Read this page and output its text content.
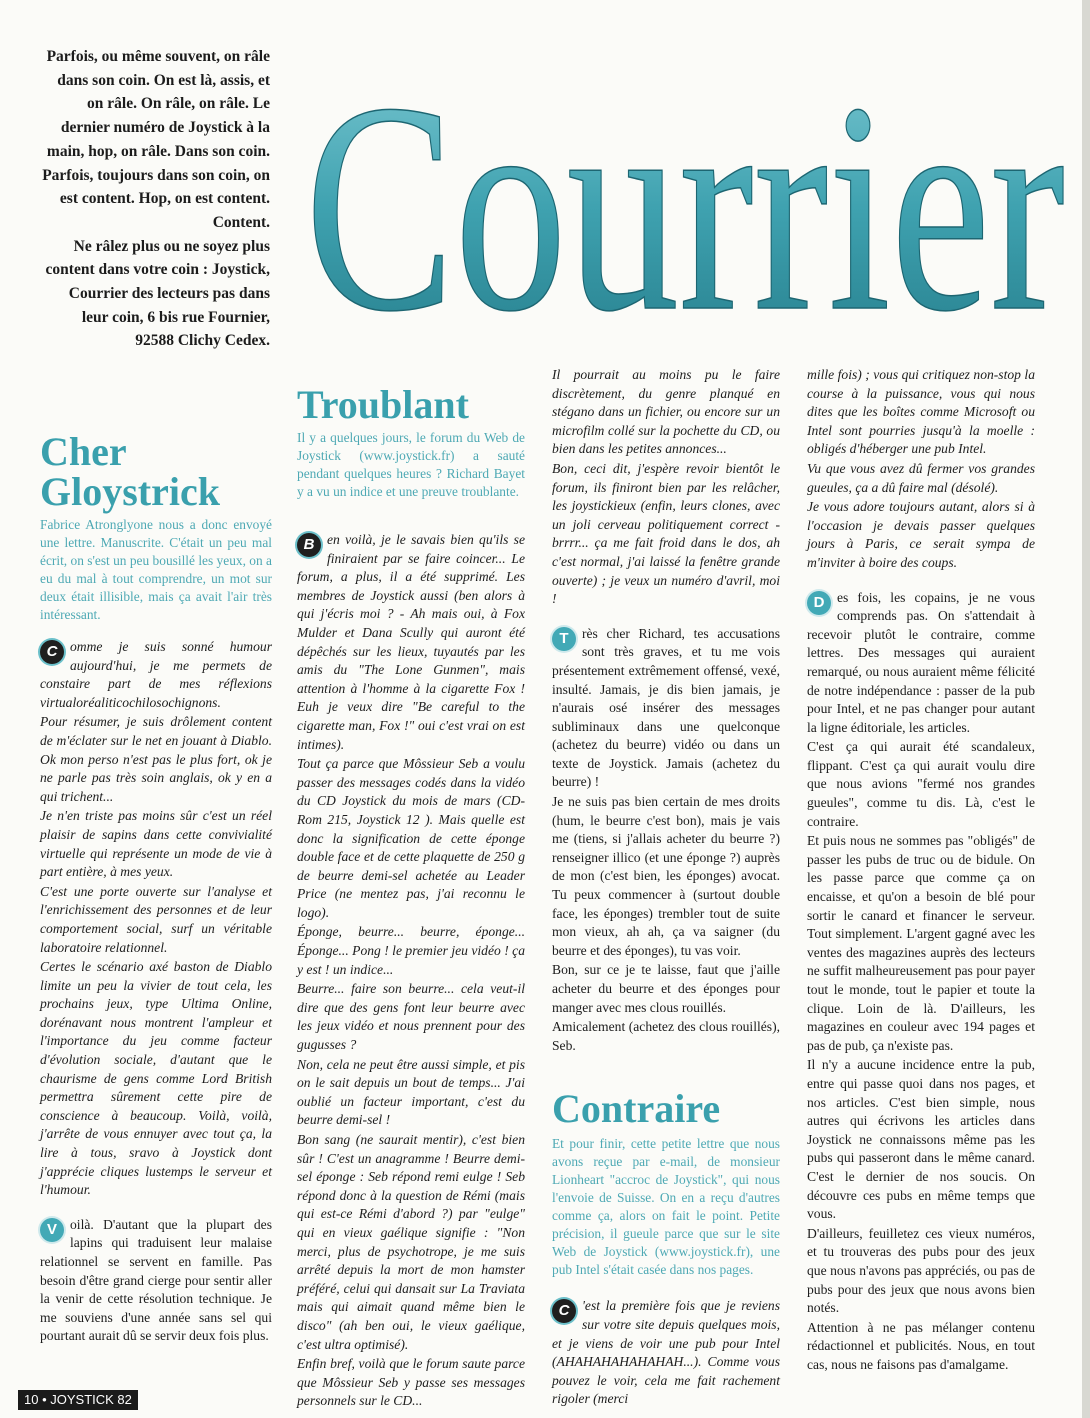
Parfois, ou même souvent, on râle dans son coin. On est là, assis, et on râle. On râle, on râle. Le dernier numéro de Joystick à la main, hop, on râle. Dans son coin.

Parfois, toujours dans son coin, on est content. Hop, on est content. Content.

Ne râlez plus ou ne soyez plus content dans votre coin : Joystick, Courrier des lecteurs pas dans leur coin, 6 bis rue Fournier, 92588 Clichy Cedex. Courrier
Cher Gloystrick

Fabrice Atronglyone nous a donc envoyé une lettre. Manuscrite. C'était un peu mal écrit, on s'est un peu bousillé les yeux, on a eu du mal à tout comprendre, un mot sur deux était illisible, mais ça avait l'air très intéressant.

C omme je suis sonné humour aujourd'hui, je me permets de constaire part de mes réflexions virtualoréaliticochilosochignons.

Pour résumer, je suis drôlement content de m'éclater sur le net en jouant à Diablo. Ok mon perso n'est pas le plus fort, ok je ne parle pas très soin anglais, ok y en a qui trichent...

Je n'en triste pas moins sûr c'est un réel plaisir de sapins dans cette convivialité virtuelle qui représente un mode de vie à part entière, à mes yeux.

C'est une porte ouverte sur l'analyse et l'enrichissement des personnes et de leur comportement social, surf un véritable laboratoire relationnel.

Certes le scénario axé baston de Diablo limite un peu la vivier de tout cela, les prochains jeux, type Ultima Online, dorénavant nous montrent l'ampleur et l'importance du jeu comme facteur d'évolution sociale, d'autant que le chaurisme de gens comme Lord British permettra sûrement cette pire de conscience à beaucoup. Voilà, voilà, j'arrête de vous ennuyer avec tout ça, la lire à tous, sravo à Joystick dont j'apprécie cliques lustemps le serveur et l'humour.

V oilà. D'autant que la plupart des lapins qui traduisent leur malaise relationnel se servent en famille. Pas besoin d'être grand cierge pour sentir aller la venir de cette résolution technique. Je me souviens d'une année sans sel qui pourtant aurait dû se servir deux fois plus.

Troublant

Il y a quelques jours, le forum du Web de Joystick (www.joystick.fr) a sauté pendant quelques heures ? Richard Bayet y a vu un indice et une preuve troublante.

B en voilà, je le savais bien qu'ils se finiraient par se faire coincer... Le forum, a plus, il a été supprimé. Les membres de Joystick aussi (ben alors à qui j'écris moi ? - Ah mais oui, à Fox Mulder et Dana Scully qui auront été dépêchés sur les lieux, tuyautés par les amis du "The Lone Gunmen", mais attention à l'homme à la cigarette Fox ! Euh je veux dire "Be careful to the cigarette man, Fox !" oui c'est vrai on est intimes).

Tout ça parce que Môssieur Seb a voulu passer des messages codés dans la vidéo du CD Joystick du mois de mars (CD-Rom 215, Joystick 12 ). Mais quelle est donc la signification de cette éponge double face et de cette plaquette de 250 g de beurre demi-sel achetée au Leader Price (ne mentez pas, j'ai reconnu le logo).

Éponge, beurre... beurre, éponge... Éponge... Pong ! le premier jeu vidéo ! ça y est ! un indice...

Beurre... faire son beurre... cela veut-il dire que des gens font leur beurre avec les jeux vidéo et nous prennent pour des gugusses ?

Non, cela ne peut être aussi simple, et pis on le sait depuis un bout de temps... J'ai oublié un facteur important, c'est du beurre demi-sel !

Bon sang (ne saurait mentir), c'est bien sûr ! C'est un anagramme ! Beurre demi-sel éponge : Seb répond remi eulge ! Seb répond donc à la question de Rémi (mais qui est-ce Rémi d'abord ?) par "eulge" qui en vieux gaélique signifie : "Non merci, plus de psychotrope, je me suis arrêté depuis la mort de mon hamster préféré, celui qui dansait sur La Traviata mais qui aimait quand même bien le disco" (ah ben oui, le vieux gaélique, c'est ultra optimisé).

Enfin bref, voilà que le forum saute parce que Môssieur Seb y passe ses messages personnels sur le CD...

Il pourrait au moins pu le faire discrètement, du genre planqué en stégano dans un fichier, ou encore sur un microfilm collé sur la pochette du CD, ou bien dans les petites annonces...

Bon, ceci dit, j'espère revoir bientôt le forum, ils finiront bien par les relâcher, les joystickieux (enfin, leurs clones, avec un joli cerveau politiquement correct - brrrr... ça me fait froid dans le dos, ah c'est normal, j'ai laissé la fenêtre grande ouverte) ; je veux un numéro d'avril, moi !

T rès cher Richard, tes accusations sont très graves, et tu me vois présentement extrêmement offensé, vexé, insulté. Jamais, je dis bien jamais, je n'aurais osé insérer des messages subliminaux dans une quelconque (achetez du beurre) vidéo ou dans un texte de Joystick. Jamais (achetez du beurre) !

Je ne suis pas bien certain de mes droits (hum, le beurre c'est bon), mais je vais me (tiens, si j'allais acheter du beurre ?) renseigner illico (et une éponge ?) auprès de mon (c'est bien, les éponges) avocat. Tu peux commencer à (surtout double face, les éponges) trembler tout de suite mon vieux, ah ah, ça va saigner (du beurre et des éponges), tu vas voir.

Bon, sur ce je te laisse, faut que j'aille acheter du beurre et des éponges pour manger avec mes clous rouillés.

Amicalement (achetez des clous rouillés), Seb.

Contraire

Et pour finir, cette petite lettre que nous avons reçue par e-mail, de monsieur Lionheart "accroc de Joystick", qui nous l'envoie de Suisse. On en a reçu d'autres comme ça, alors on fait le point. Petite précision, il gueule parce que sur le site Web de Joystick (www.joystick.fr), une pub Intel s'était casée dans nos pages.

C 'est la première fois que je reviens sur votre site depuis quelques mois, et je viens de voir une pub pour Intel (AHAHAHAHAHAHAH...). Comme vous pouvez le voir, cela me fait rachement rigoler (merci

mille fois) ; vous qui critiquez non-stop la course à la puissance, vous qui nous dites que les boîtes comme Microsoft ou Intel sont pourries jusqu'à la moelle : obligés d'héberger une pub Intel.

Vu que vous avez dû fermer vos grandes gueules, ça a dû faire mal (désolé).

Je vous adore toujours autant, alors si à l'occasion je devais passer quelques jours à Paris, ce serait sympa de m'inviter à boire des coups.

D es fois, les copains, je ne vous comprends pas. On s'attendait à recevoir plutôt le contraire, comme lettres. Des messages qui auraient remarqué, ou nous auraient même félicité de notre indépendance : passer de la pub pour Intel, et ne pas changer pour autant la ligne éditoriale, les articles.

C'est ça qui aurait été scandaleux, flippant. C'est ça qui aurait voulu dire que nous avions "fermé nos grandes gueules", comme tu dis. Là, c'est le contraire.

Et puis nous ne sommes pas "obligés" de passer les pubs de truc ou de bidule. On les passe parce que comme ça on encaisse, et qu'on a besoin de blé pour sortir le canard et financer le serveur. Tout simplement. L'argent gagné avec les ventes des magazines auprès des lecteurs ne suffit malheureusement pas pour payer tout le monde, tout le papier et toute la clique. Loin de là. D'ailleurs, les magazines en couleur avec 194 pages et pas de pub, ça n'existe pas.

Il n'y a aucune incidence entre la pub, entre qui passe quoi dans nos pages, et nos articles. C'est bien simple, nous autres qui écrivons les articles dans Joystick ne connaissons même pas les pubs qui passeront dans le même canard. C'est le dernier de nos soucis. On découvre ces pubs en même temps que vous.

D'ailleurs, feuilletez ces vieux numéros, et tu trouveras des pubs pour des jeux que nous n'avons pas appréciés, ou pas de pubs pour des jeux que nous avons bien notés.

Attention à ne pas mélanger contenu rédactionnel et publicités. Nous, en tout cas, nous ne faisons pas d'amalgame.

10 • JOYSTICK 82
